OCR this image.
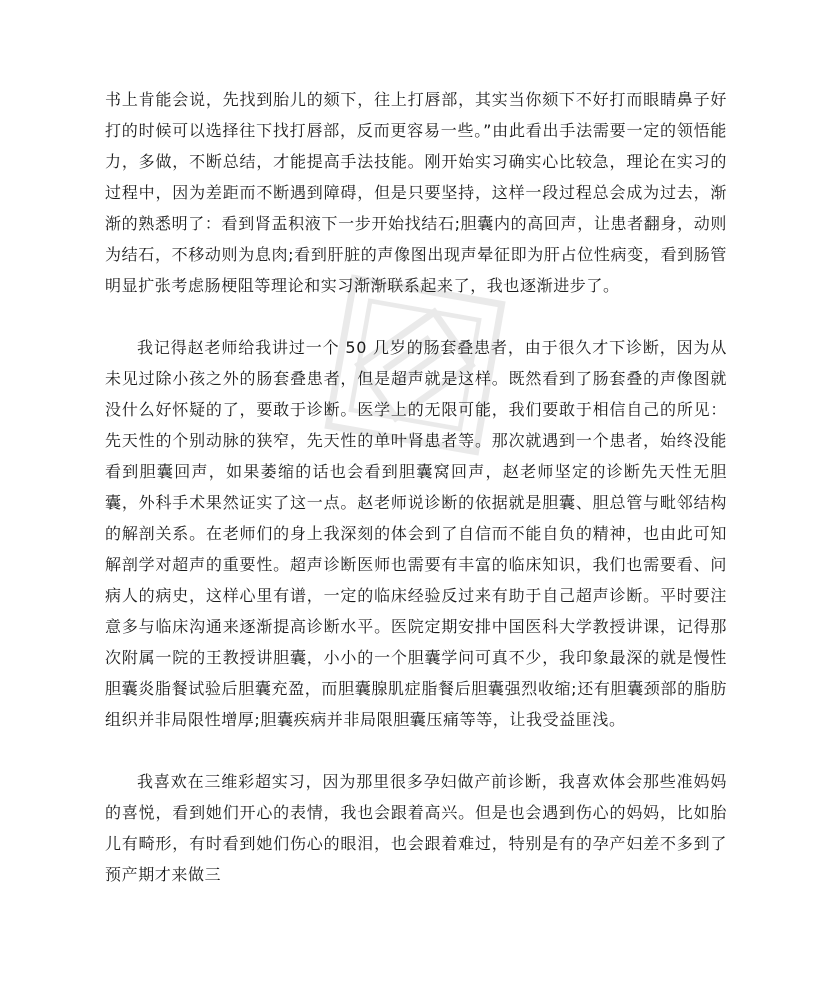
书上肯能会说，先找到胎儿的颏下，往上打唇部，其实当你颏下不好打而眼睛鼻子好打的时候可以选择往下找打唇部，反而更容易一些。”由此看出手法需要一定的领悟能力，多做，不断总结，才能提高手法技能。刚开始实习确实心比较急，理论在实习的过程中，因为差距而不断遇到障碍，但是只要坚持，这样一段过程总会成为过去，渐渐的熟悉明了：看到肾盂积液下一步开始找结石;胆囊内的高回声，让患者翻身，动则为结石，不移动则为息肉;看到肝脏的声像图出现声晕征即为肝占位性病变，看到肠管明显扩张考虑肠梗阻等理论和实习渐渐联系起来了，我也逐渐进步了。

我记得赵老师给我讲过一个 50 几岁的肠套叠患者，由于很久才下诊断，因为从未见过除小孩之外的肠套叠患者，但是超声就是这样。既然看到了肠套叠的声像图就没什么好怀疑的了，要敢于诊断。医学上的无限可能，我们要敢于相信自己的所见：先天性的个别动脉的狭窄，先天性的单叶肾患者等。那次就遇到一个患者，始终没能看到胆囊回声，如果萎缩的话也会看到胆囊窝回声，赵老师坚定的诊断先天性无胆囊，外科手术果然证实了这一点。赵老师说诊断的依据就是胆囊、胆总管与毗邻结构的解剖关系。在老师们的身上我深刻的体会到了自信而不能自负的精神，也由此可知解剖学对超声的重要性。超声诊断医师也需要有丰富的临床知识，我们也需要看、问病人的病史，这样心里有谱，一定的临床经验反过来有助于自己超声诊断。平时要注意多与临床沟通来逐渐提高诊断水平。医院定期安排中国医科大学教授讲课，记得那次附属一院的王教授讲胆囊，小小的一个胆囊学问可真不少，我印象最深的就是慢性胆囊炎脂餐试验后胆囊充盈，而胆囊腺肌症脂餐后胆囊强烈收缩;还有胆囊颈部的脂肪组织并非局限性增厚;胆囊疾病并非局限胆囊压痛等等，让我受益匪浅。

我喜欢在三维彩超实习，因为那里很多孕妇做产前诊断，我喜欢体会那些准妈妈的喜悦，看到她们开心的表情，我也会跟着高兴。但是也会遇到伤心的妈妈，比如胎儿有畸形，有时看到她们伤心的眼泪，也会跟着难过，特别是有的孕产妇差不多到了预产期才来做三
